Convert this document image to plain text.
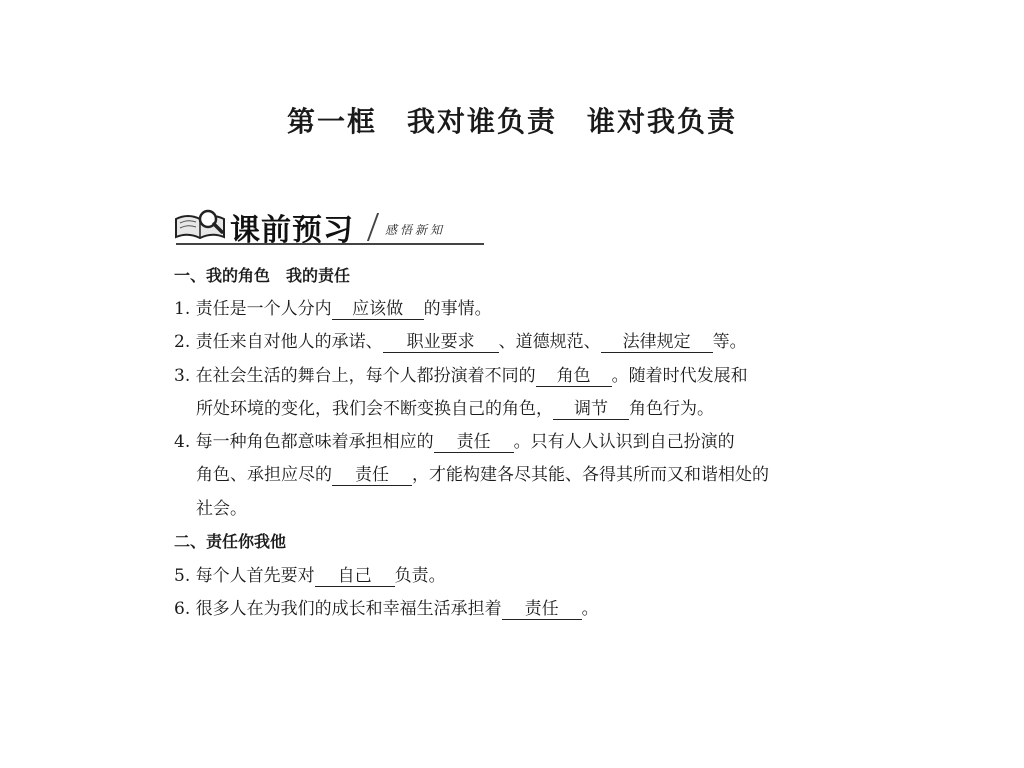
第一框　我对谁负责　谁对我负责
课前预习	感悟新知
一、我的角色　我的责任
1. 责任是一个人分内 应该做 的事情。
2. 责任来自对他人的承诺、 职业要求 、道德规范、 法律规定 等。
3. 在社会生活的舞台上，每个人都扮演着不同的 角色 。随着时代发展和
所处环境的变化，我们会不断变换自己的角色， 调节 角色行为。
4. 每一种角色都意味着承担相应的 责任 。只有人人认识到自己扮演的
角色、承担应尽的 责任 ，才能构建各尽其能、各得其所而又和谐相处的
社会。
二、责任你我他
5. 每个人首先要对 自己 负责。
6. 很多人在为我们的成长和幸福生活承担着 责任 。
